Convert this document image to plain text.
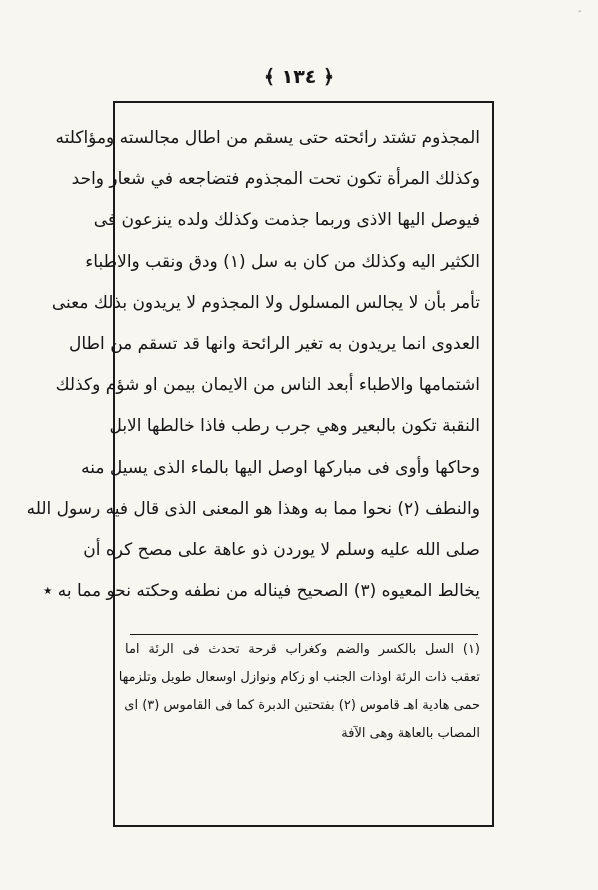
-
﴿ ١٣٤ ﴾
المجذوم تشتد رائحته حتى يسقم من اطال مجالسته ومؤاكلته
وكذلك المرأة تكون تحت المجذوم فتضاجعه في شعار واحد
فيوصل اليها الاذى وربما جذمت وكذلك ولده ينزعون فى
الكثير اليه وكذلك من كان به سل (١) ودق ونقب والاطباء
تأمر بأن لا يجالس المسلول ولا المجذوم لا يريدون بذلك معنى
العدوى انما يريدون به تغير الرائحة وانها قد تسقم من اطال
اشتمامها والاطباء أبعد الناس من الايمان بيمن او شؤم وكذلك
النقبة تكون بالبعير وهي جرب رطب فاذا خالطها الابل
وحاكها وأوى فى مباركها اوصل اليها بالماء الذى يسيل منه
والنطف (٢) نحوا مما به وهذا هو المعنى الذى قال فيه رسول الله
صلى الله عليه وسلم لا يوردن ذو عاهة على مصح كره أن
يخالط المعيوه (٣) الصحيح فيناله من نطفه وحكته نحو مما به ٭
(١) السل بالكسر والضم وكغراب قرحة تحدث فى الرئة اما
تعقب ذات الرئة اوذات الجنب او زكام ونوازل اوسعال طويل وتلزمها
حمى هادية اهـ قاموس (٢) بفتحتين الدبرة كما فى القاموس (٣) اى
المصاب بالعاهة وهى الآفة
